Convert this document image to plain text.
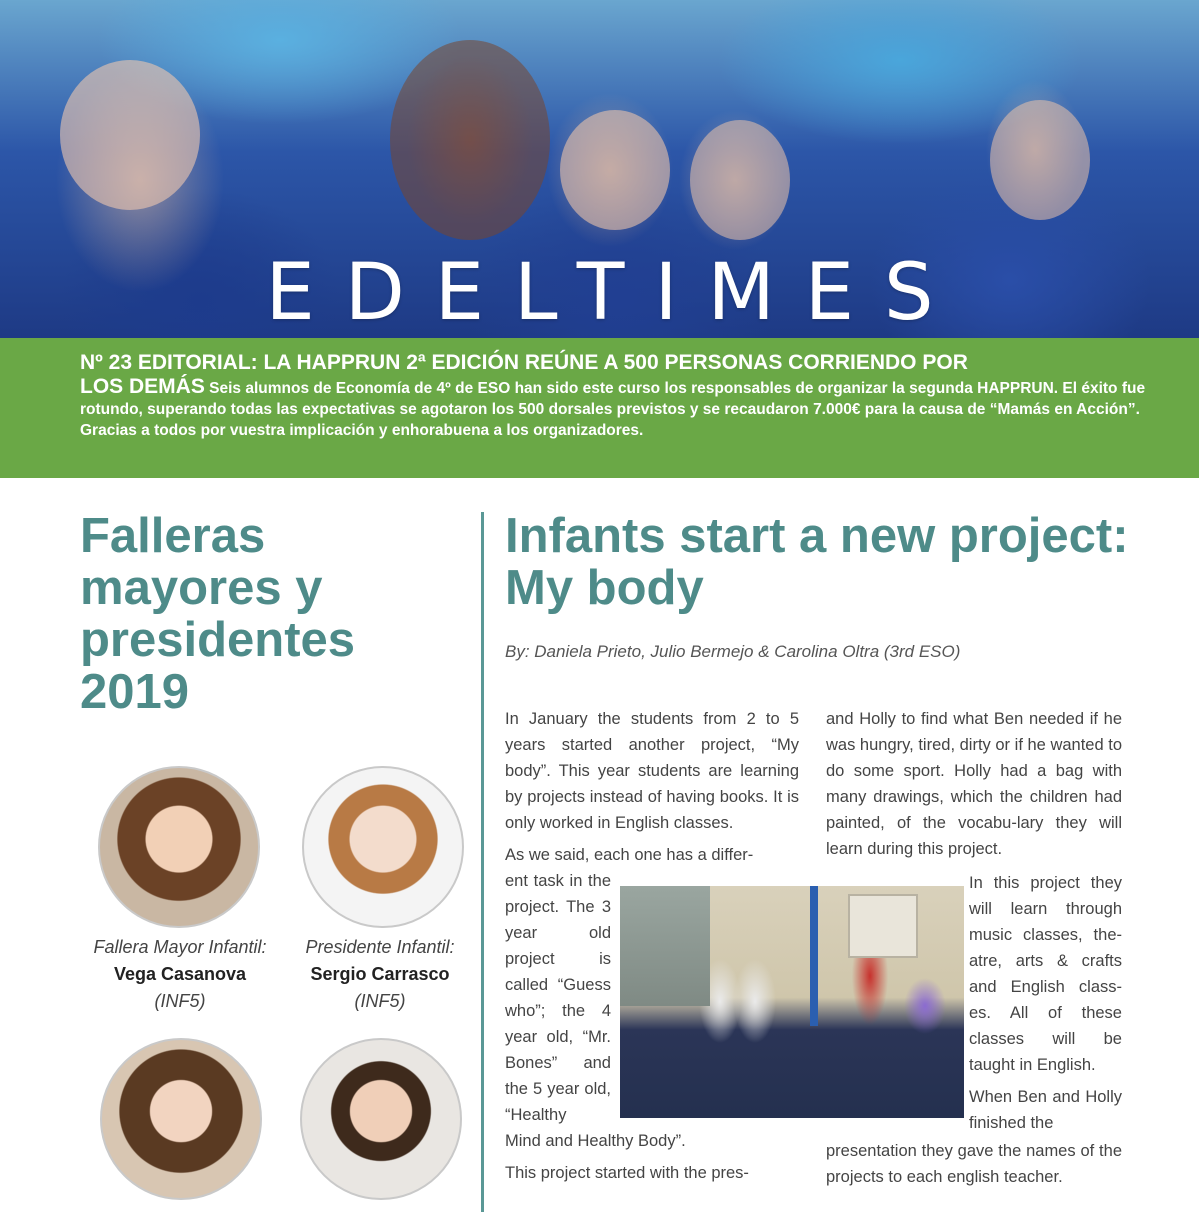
EDELTIMES
Nº 23 EDITORIAL: LA HAPPRUN 2ª EDICIÓN REÚNE A 500 PERSONAS CORRIENDO POR
LOS DEMÁS Seis alumnos de Economía de 4º de ESO han sido este curso los responsables de organizar la segunda HAPPRUN. El éxito fue rotundo, superando todas las expectativas se agotaron los 500 dorsales previstos y se recaudaron 7.000€ para la causa de “Mamás en Acción”. Gracias a todos por vuestra implicación y enhorabuena a los organizadores.
Falleras mayores y presidentes 2019
Fallera Mayor Infantil:
Vega Casanova
(INF5)
Presidente Infantil:
Sergio Carrasco
(INF5)
Infants start a new project: My body
By: Daniela Prieto, Julio Bermejo & Carolina Oltra (3rd ESO)

In January the students from 2 to 5 years started another project, “My body”. This year students are learning by projects instead of having books. It is only worked in English classes.

As we said, each one has a differ-

ent task in the project. The 3 year old project is called “Guess who”; the 4 year old, “Mr. Bones” and the 5 year old, “Healthy

Mind and Healthy Body”.

This project started with the pres-

and Holly to find what Ben needed if he was hungry, tired, dirty or if he wanted to do some sport. Holly had a bag with many drawings, which the children had painted, of the vocabu-lary they will learn during this project.

In this project they will learn through music classes, the-atre, arts & crafts and English class-es. All of these classes will be taught in English.

When Ben and Holly finished the

presentation they gave the names of the projects to each english teacher.
